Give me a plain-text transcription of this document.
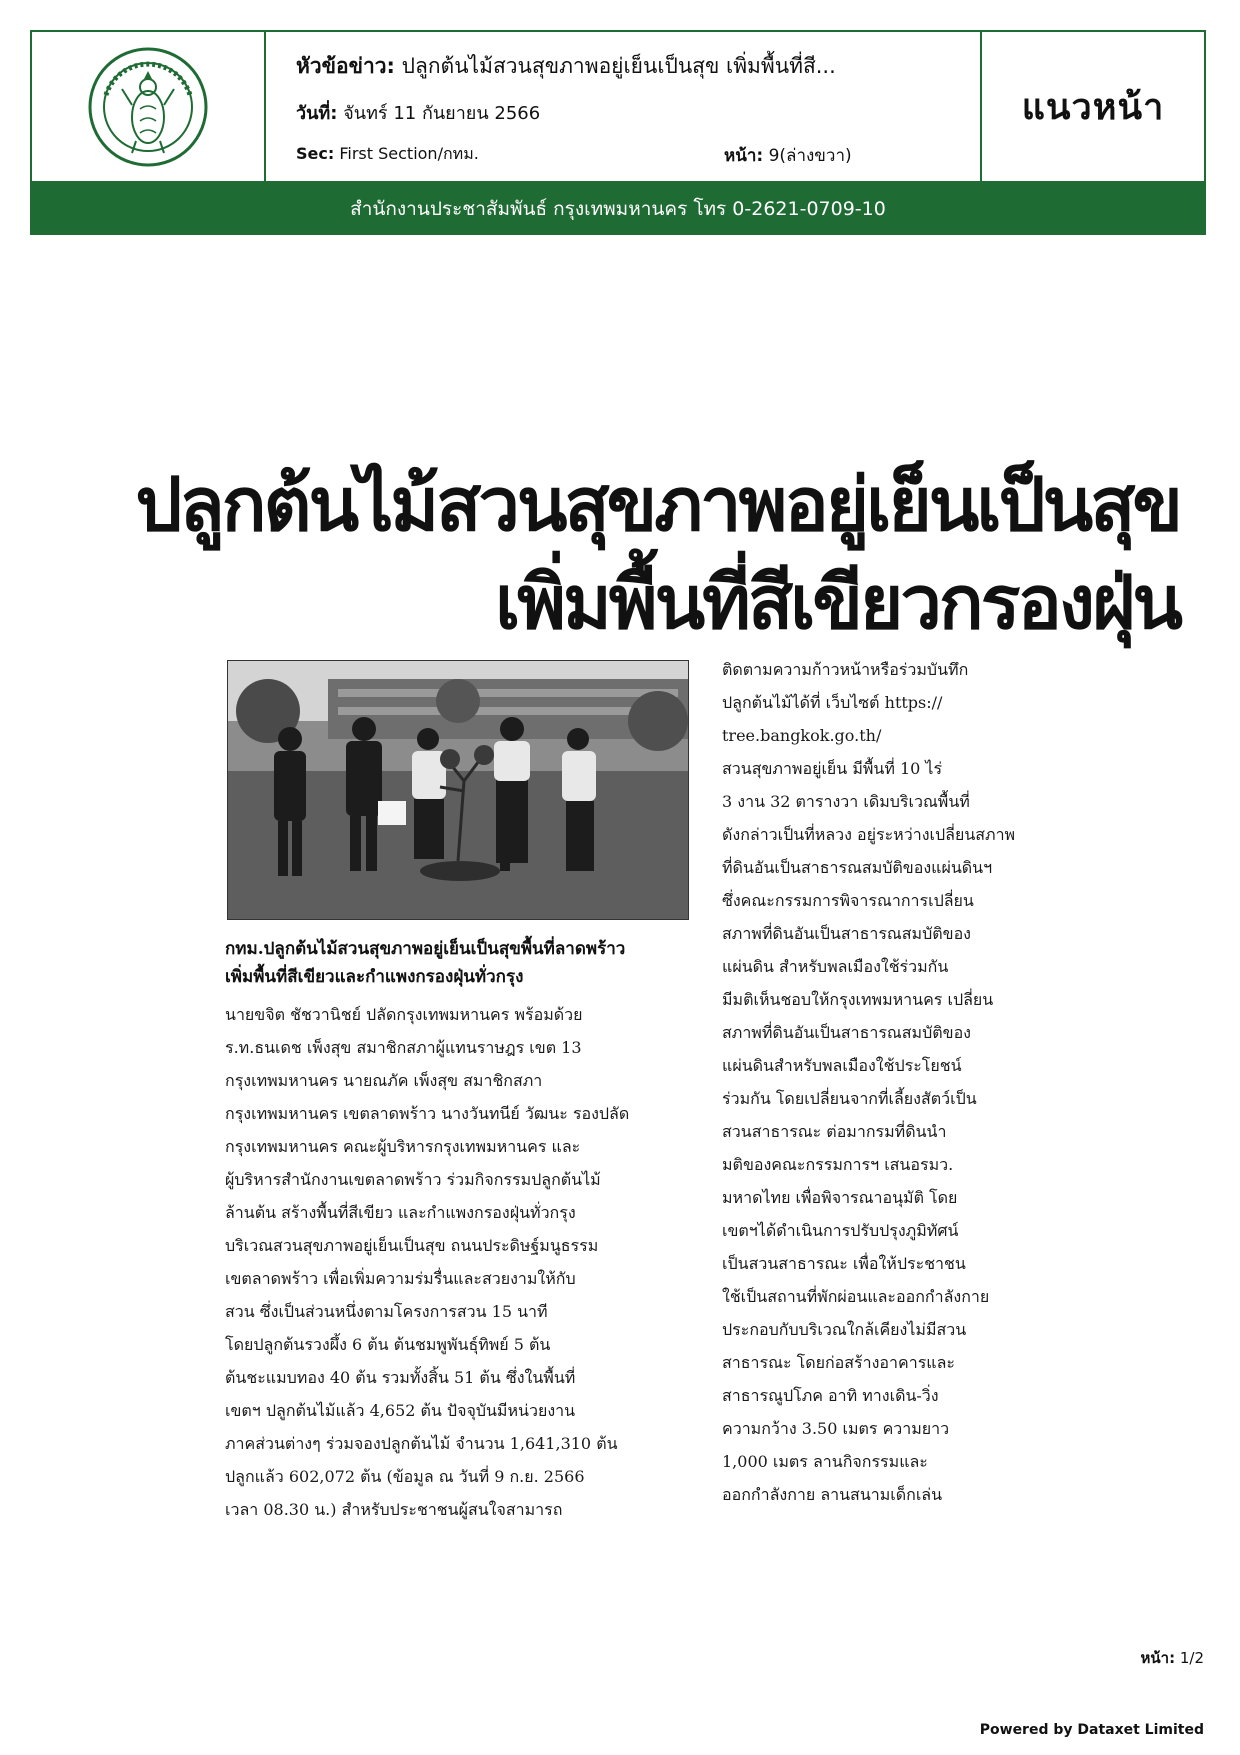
หัวข้อข่าว: ปลูกต้นไม้สวนสุขภาพอยู่เย็นเป็นสุข เพิ่มพื้นที่สี...
วันที่: จันทร์ 11 กันยายน 2566
Sec: First Section/กทม.	หน้า: 9(ล่างขวา)
แนวหน้า
สำนักงานประชาสัมพันธ์ กรุงเทพมหานคร โทร 0-2621-0709-10
ปลูกต้นไม้สวนสุขภาพอยู่เย็นเป็นสุข
เพิ่มพื้นที่สีเขียวกรองฝุ่น
กทม.ปลูกต้นไม้สวนสุขภาพอยู่เย็นเป็นสุขพื้นที่ลาดพร้าว
เพิ่มพื้นที่สีเขียวและกำแพงกรองฝุ่นทั่วกรุง
นายขจิต ชัชวานิชย์ ปลัดกรุงเทพมหานคร พร้อมด้วย
ร.ท.ธนเดช เพ็งสุข สมาชิกสภาผู้แทนราษฎร เขต 13
กรุงเทพมหานคร นายณภัค เพ็งสุข สมาชิกสภา
กรุงเทพมหานคร เขตลาดพร้าว นางวันทนีย์ วัฒนะ รองปลัด
กรุงเทพมหานคร คณะผู้บริหารกรุงเทพมหานคร และ
ผู้บริหารสำนักงานเขตลาดพร้าว ร่วมกิจกรรมปลูกต้นไม้
ล้านต้น สร้างพื้นที่สีเขียว และกำแพงกรองฝุ่นทั่วกรุง
บริเวณสวนสุขภาพอยู่เย็นเป็นสุข ถนนประดิษฐ์มนูธรรม
เขตลาดพร้าว เพื่อเพิ่มความร่มรื่นและสวยงามให้กับ
สวน ซึ่งเป็นส่วนหนึ่งตามโครงการสวน 15 นาที
โดยปลูกต้นรวงผึ้ง 6 ต้น ต้นชมพูพันธุ์ทิพย์ 5 ต้น
ต้นชะแมบทอง 40 ต้น รวมทั้งสิ้น 51 ต้น ซึ่งในพื้นที่
เขตฯ ปลูกต้นไม้แล้ว 4,652 ต้น ปัจจุบันมีหน่วยงาน
ภาคส่วนต่างๆ ร่วมจองปลูกต้นไม้ จำนวน 1,641,310 ต้น
ปลูกแล้ว 602,072 ต้น (ข้อมูล ณ วันที่ 9 ก.ย. 2566
เวลา 08.30 น.) สำหรับประชาชนผู้สนใจสามารถ
ติดตามความก้าวหน้าหรือร่วมบันทึก
ปลูกต้นไม้ได้ที่ เว็บไซต์ https://
tree.bangkok.go.th/
สวนสุขภาพอยู่เย็น มีพื้นที่ 10 ไร่
3 งาน 32 ตารางวา เดิมบริเวณพื้นที่
ดังกล่าวเป็นที่หลวง อยู่ระหว่างเปลี่ยนสภาพ
ที่ดินอันเป็นสาธารณสมบัติของแผ่นดินฯ
ซึ่งคณะกรรมการพิจารณาการเปลี่ยน
สภาพที่ดินอันเป็นสาธารณสมบัติของ
แผ่นดิน สำหรับพลเมืองใช้ร่วมกัน
มีมติเห็นชอบให้กรุงเทพมหานคร เปลี่ยน
สภาพที่ดินอันเป็นสาธารณสมบัติของ
แผ่นดินสำหรับพลเมืองใช้ประโยชน์
ร่วมกัน โดยเปลี่ยนจากที่เลี้ยงสัตว์เป็น
สวนสาธารณะ ต่อมากรมที่ดินนำ
มติของคณะกรรมการฯ เสนอรมว.
มหาดไทย เพื่อพิจารณาอนุมัติ โดย
เขตฯได้ดำเนินการปรับปรุงภูมิทัศน์
เป็นสวนสาธารณะ เพื่อให้ประชาชน
ใช้เป็นสถานที่พักผ่อนและออกกำลังกาย
ประกอบกับบริเวณใกล้เคียงไม่มีสวน
สาธารณะ โดยก่อสร้างอาคารและ
สาธารณูปโภค อาทิ ทางเดิน-วิ่ง
ความกว้าง 3.50 เมตร ความยาว
1,000 เมตร ลานกิจกรรมและ
ออกกำลังกาย ลานสนามเด็กเล่น
หน้า: 1/2
Powered by Dataxet Limited
